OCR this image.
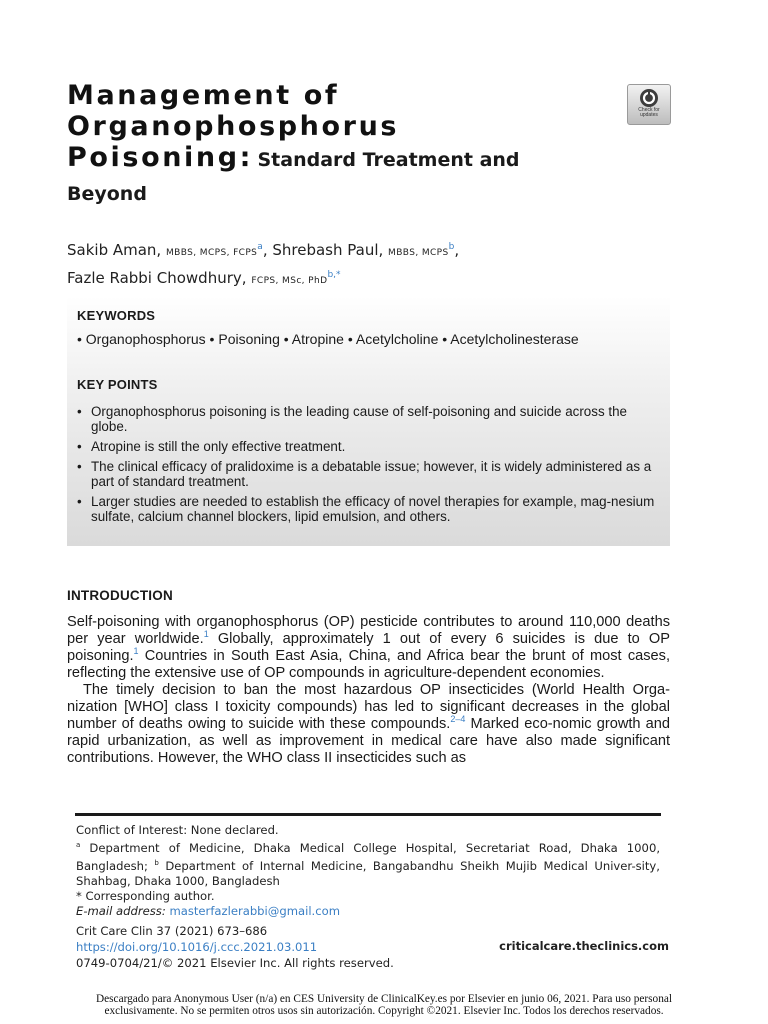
Management of
Organophosphorus
Poisoning: Standard Treatment and
Beyond
Check for updates
Sakib Aman, MBBS, MCPS, FCPS$^a$, Shrebash Paul, MBBS, MCPS$^b$,
Fazle Rabbi Chowdhury, FCPS, MSc, PhD$^{b,*}$
KEYWORDS
• Organophosphorus • Poisoning • Atropine • Acetylcholine • Acetylcholinesterase
KEY POINTS
• Organophosphorus poisoning is the leading cause of self-poisoning and suicide across the globe.
• Atropine is still the only effective treatment.
• The clinical efficacy of pralidoxime is a debatable issue; however, it is widely administered as a part of standard treatment.
• Larger studies are needed to establish the efficacy of novel therapies for example, mag-nesium sulfate, calcium channel blockers, lipid emulsion, and others.
INTRODUCTION

Self-poisoning with organophosphorus (OP) pesticide contributes to around 110,000 deaths per year worldwide.$^1$ Globally, approximately 1 out of every 6 suicides is due to OP poisoning.$^1$ Countries in South East Asia, China, and Africa bear the brunt of most cases, reflecting the extensive use of OP compounds in agriculture-dependent economies.

The timely decision to ban the most hazardous OP insecticides (World Health Orga-nization [WHO] class I toxicity compounds) has led to significant decreases in the global number of deaths owing to suicide with these compounds.$^{2-4}$ Marked eco-nomic growth and rapid urbanization, as well as improvement in medical care have also made significant contributions. However, the WHO class II insecticides such as

Conflict of Interest: None declared.

$^a$ Department of Medicine, Dhaka Medical College Hospital, Secretariat Road, Dhaka 1000, Bangladesh; $^b$ Department of Internal Medicine, Bangabandhu Sheikh Mujib Medical Univer-sity, Shahbag, Dhaka 1000, Bangladesh

* Corresponding author.

E-mail address: masterfazlerabbi@gmail.com

Crit Care Clin 37 (2021) 673–686

https://doi.org/10.1016/j.ccc.2021.03.011

0749-0704/21/© 2021 Elsevier Inc. All rights reserved.

criticalcare.theclinics.com
Descargado para Anonymous User (n/a) en CES University de ClinicalKey.es por Elsevier en junio 06, 2021. Para uso personal
exclusivamente. No se permiten otros usos sin autorización. Copyright ©2021. Elsevier Inc. Todos los derechos reservados.
